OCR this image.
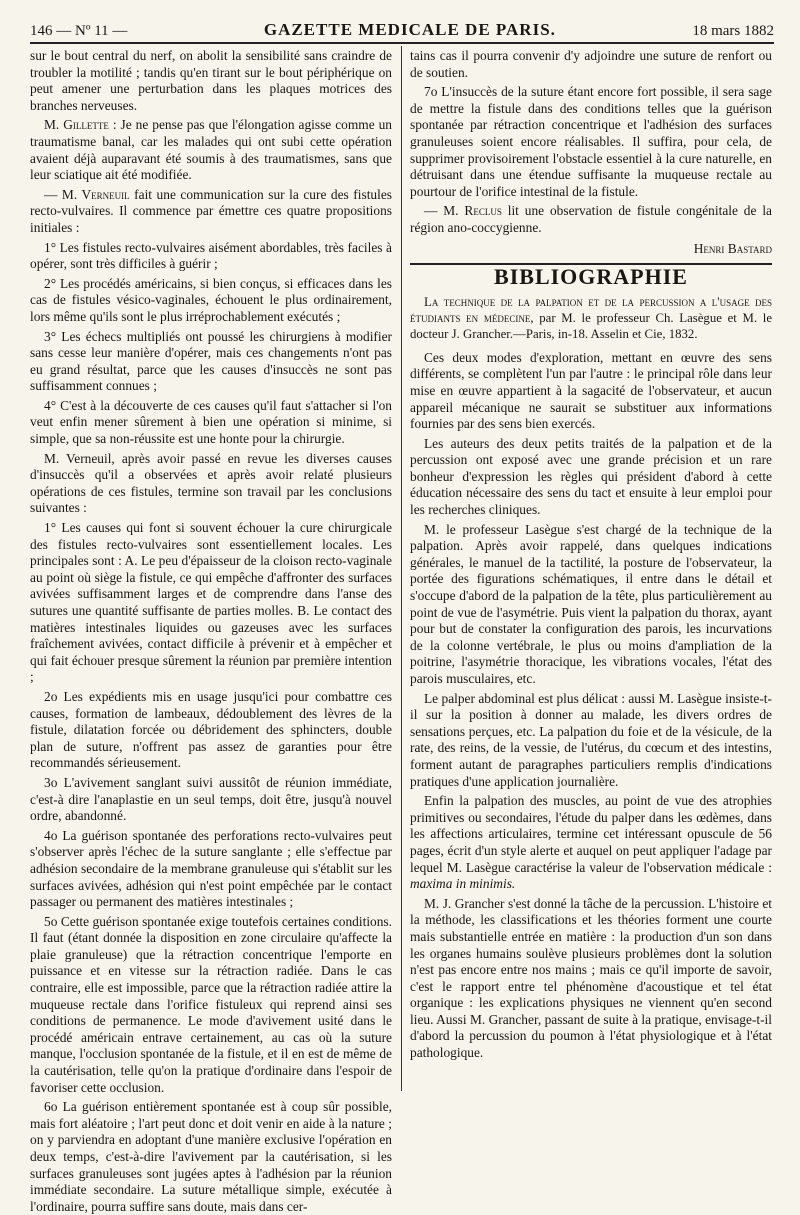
146 — Nº 11 —	GAZETTE MEDICALE DE PARIS.	18 mars 1882

sur le bout central du nerf, on abolit la sensibilité sans craindre de troubler la motilité ; tandis qu'en tirant sur le bout périphérique on peut amener une perturbation dans les plaques motrices des branches nerveuses.

M. Gillette : Je ne pense pas que l'élongation agisse comme un traumatisme banal, car les malades qui ont subi cette opération avaient déjà auparavant été soumis à des traumatismes, sans que leur sciatique ait été modifiée.

— M. Verneuil fait une communication sur la cure des fistules recto-vulvaires. Il commence par émettre ces quatre propositions initiales :

1° Les fistules recto-vulvaires aisément abordables, très faciles à opérer, sont très difficiles à guérir ;

2° Les procédés américains, si bien conçus, si efficaces dans les cas de fistules vésico-vaginales, échouent le plus ordinairement, lors même qu'ils sont le plus irréprochablement exécutés ;

3° Les échecs multipliés ont poussé les chirurgiens à modifier sans cesse leur manière d'opérer, mais ces changements n'ont pas eu grand résultat, parce que les causes d'insuccès ne sont pas suffisamment connues ;

4° C'est à la découverte de ces causes qu'il faut s'attacher si l'on veut enfin mener sûrement à bien une opération si minime, si simple, que sa non-réussite est une honte pour la chirurgie.

M. Verneuil, après avoir passé en revue les diverses causes d'insuccès qu'il a observées et après avoir relaté plusieurs opérations de ces fistules, termine son travail par les conclusions suivantes :

1° Les causes qui font si souvent échouer la cure chirurgicale des fistules recto-vulvaires sont essentiellement locales. Les principales sont : A. Le peu d'épaisseur de la cloison recto-vaginale au point où siège la fistule, ce qui empêche d'affronter des surfaces avivées suffisamment larges et de comprendre dans l'anse des sutures une quantité suffisante de parties molles. B. Le contact des matières intestinales liquides ou gazeuses avec les surfaces fraîchement avivées, contact difficile à prévenir et à empêcher et qui fait échouer presque sûrement la réunion par première intention ;

2o Les expédients mis en usage jusqu'ici pour combattre ces causes, formation de lambeaux, dédoublement des lèvres de la fistule, dilatation forcée ou débridement des sphincters, double plan de suture, n'offrent pas assez de garanties pour être recommandés sérieusement.

3o L'avivement sanglant suivi aussitôt de réunion immédiate, c'est-à dire l'anaplastie en un seul temps, doit être, jusqu'à nouvel ordre, abandonné.

4o La guérison spontanée des perforations recto-vulvaires peut s'observer après l'échec de la suture sanglante ; elle s'effectue par adhésion secondaire de la membrane granuleuse qui s'établit sur les surfaces avivées, adhésion qui n'est point empêchée par le contact passager ou permanent des matières intestinales ;

5o Cette guérison spontanée exige toutefois certaines conditions. Il faut (étant donnée la disposition en zone circulaire qu'affecte la plaie granuleuse) que la rétraction concentrique l'emporte en puissance et en vitesse sur la rétraction radiée. Dans le cas contraire, elle est impossible, parce que la rétraction radiée attire la muqueuse rectale dans l'orifice fistuleux qui reprend ainsi ses conditions de permanence. Le mode d'avivement usité dans le procédé américain entrave certainement, au cas où la suture manque, l'occlusion spontanée de la fistule, et il en est de même de la cautérisation, telle qu'on la pratique d'ordinaire dans l'espoir de favoriser cette occlusion.

6o La guérison entièrement spontanée est à coup sûr possible, mais fort aléatoire ; l'art peut donc et doit venir en aide à la nature ; on y parviendra en adoptant d'une manière exclusive l'opération en deux temps, c'est-à-dire l'avivement par la cautérisation, si les surfaces granuleuses sont jugées aptes à l'adhésion par la réunion immédiate secondaire. La suture métallique simple, exécutée à l'ordinaire, pourra suffire sans doute, mais dans cer-

tains cas il pourra convenir d'y adjoindre une suture de renfort ou de soutien.

7o L'insuccès de la suture étant encore fort possible, il sera sage de mettre la fistule dans des conditions telles que la guérison spontanée par rétraction concentrique et l'adhésion des surfaces granuleuses soient encore réalisables. Il suffira, pour cela, de supprimer provisoirement l'obstacle essentiel à la cure naturelle, en détruisant dans une étendue suffisante la muqueuse rectale au pourtour de l'orifice intestinal de la fistule.

— M. Reclus lit une observation de fistule congénitale de la région ano-coccygienne.

Henri Bastard
BIBLIOGRAPHIE

La technique de la palpation et de la percussion a l'usage des étudiants en médecine, par M. le professeur Ch. Lasègue et M. le docteur J. Grancher.—Paris, in-18. Asselin et Cie, 1832.

Ces deux modes d'exploration, mettant en œuvre des sens différents, se complètent l'un par l'autre : le principal rôle dans leur mise en œuvre appartient à la sagacité de l'observateur, et aucun appareil mécanique ne saurait se substituer aux informations fournies par des sens bien exercés.

Les auteurs des deux petits traités de la palpation et de la percussion ont exposé avec une grande précision et un rare bonheur d'expression les règles qui président d'abord à cette éducation nécessaire des sens du tact et ensuite à leur emploi pour les recherches cliniques.

M. le professeur Lasègue s'est chargé de la technique de la palpation. Après avoir rappelé, dans quelques indications générales, le manuel de la tactilité, la posture de l'observateur, la portée des figurations schématiques, il entre dans le détail et s'occupe d'abord de la palpation de la tête, plus particulièrement au point de vue de l'asymétrie. Puis vient la palpation du thorax, ayant pour but de constater la configuration des parois, les incurvations de la colonne vertébrale, le plus ou moins d'ampliation de la poitrine, l'asymétrie thoracique, les vibrations vocales, l'état des parois musculaires, etc.

Le palper abdominal est plus délicat : aussi M. Lasègue insiste-t-il sur la position à donner au malade, les divers ordres de sensations perçues, etc. La palpation du foie et de la vésicule, de la rate, des reins, de la vessie, de l'utérus, du cœcum et des intestins, forment autant de paragraphes particuliers remplis d'indications pratiques d'une application journalière.

Enfin la palpation des muscles, au point de vue des atrophies primitives ou secondaires, l'étude du palper dans les œdèmes, dans les affections articulaires, termine cet intéressant opuscule de 56 pages, écrit d'un style alerte et auquel on peut appliquer l'adage par lequel M. Lasègue caractérise la valeur de l'observation médicale : maxima in minimis.

M. J. Grancher s'est donné la tâche de la percussion. L'histoire et la méthode, les classifications et les théories forment une courte mais substantielle entrée en matière : la production d'un son dans les organes humains soulève plusieurs problèmes dont la solution n'est pas encore entre nos mains ; mais ce qu'il importe de savoir, c'est le rapport entre tel phénomène d'acoustique et tel état organique : les explications physiques ne viennent qu'en second lieu. Aussi M. Grancher, passant de suite à la pratique, envisage-t-il d'abord la percussion du poumon à l'état physiologique et à l'état pathologique.
